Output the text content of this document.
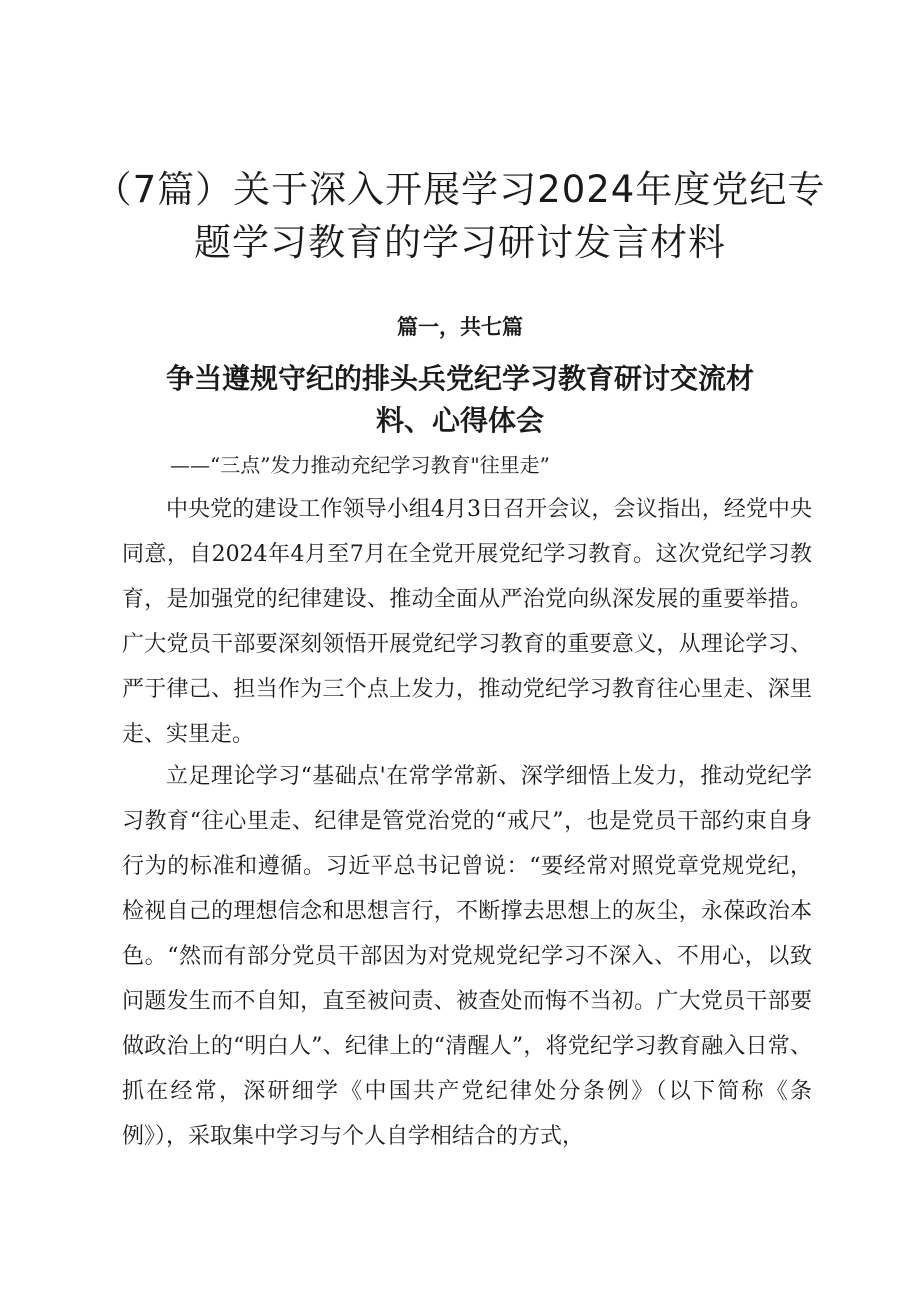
（7篇）关于深入开展学习2024年度党纪专
题学习教育的学习研讨发言材料

篇一，共七篇

争当遵规守纪的排头兵党纪学习教育研讨交流材
料、心得体会

——“三点”发力推动充纪学习教育"往里走”

中央党的建设工作领导小组4月3日召开会议，会议指出，经党中央同意，自2024年4月至7月在全党开展党纪学习教育。这次党纪学习教育，是加强党的纪律建设、推动全面从严治党向纵深发展的重要举措。广大党员干部要深刻领悟开展党纪学习教育的重要意义，从理论学习、严于律己、担当作为三个点上发力，推动党纪学习教育往心里走、深里走、实里走。

立足理论学习“基础点'在常学常新、深学细悟上发力，推动党纪学习教育“往心里走、纪律是管党治党的“戒尺”，也是党员干部约束自身行为的标准和遵循。习近平总书记曾说：“要经常对照党章党规党纪，检视自己的理想信念和思想言行，不断撑去思想上的灰尘，永葆政治本色。“然而有部分党员干部因为对党规党纪学习不深入、不用心，以致问题发生而不自知，直至被问责、被查处而悔不当初。广大党员干部要做政治上的“明白人”、纪律上的“清醒人”，将党纪学习教育融入日常、抓在经常，深研细学《中国共产党纪律处分条例》（以下简称《条例》），采取集中学习与个人自学相结合的方式，
